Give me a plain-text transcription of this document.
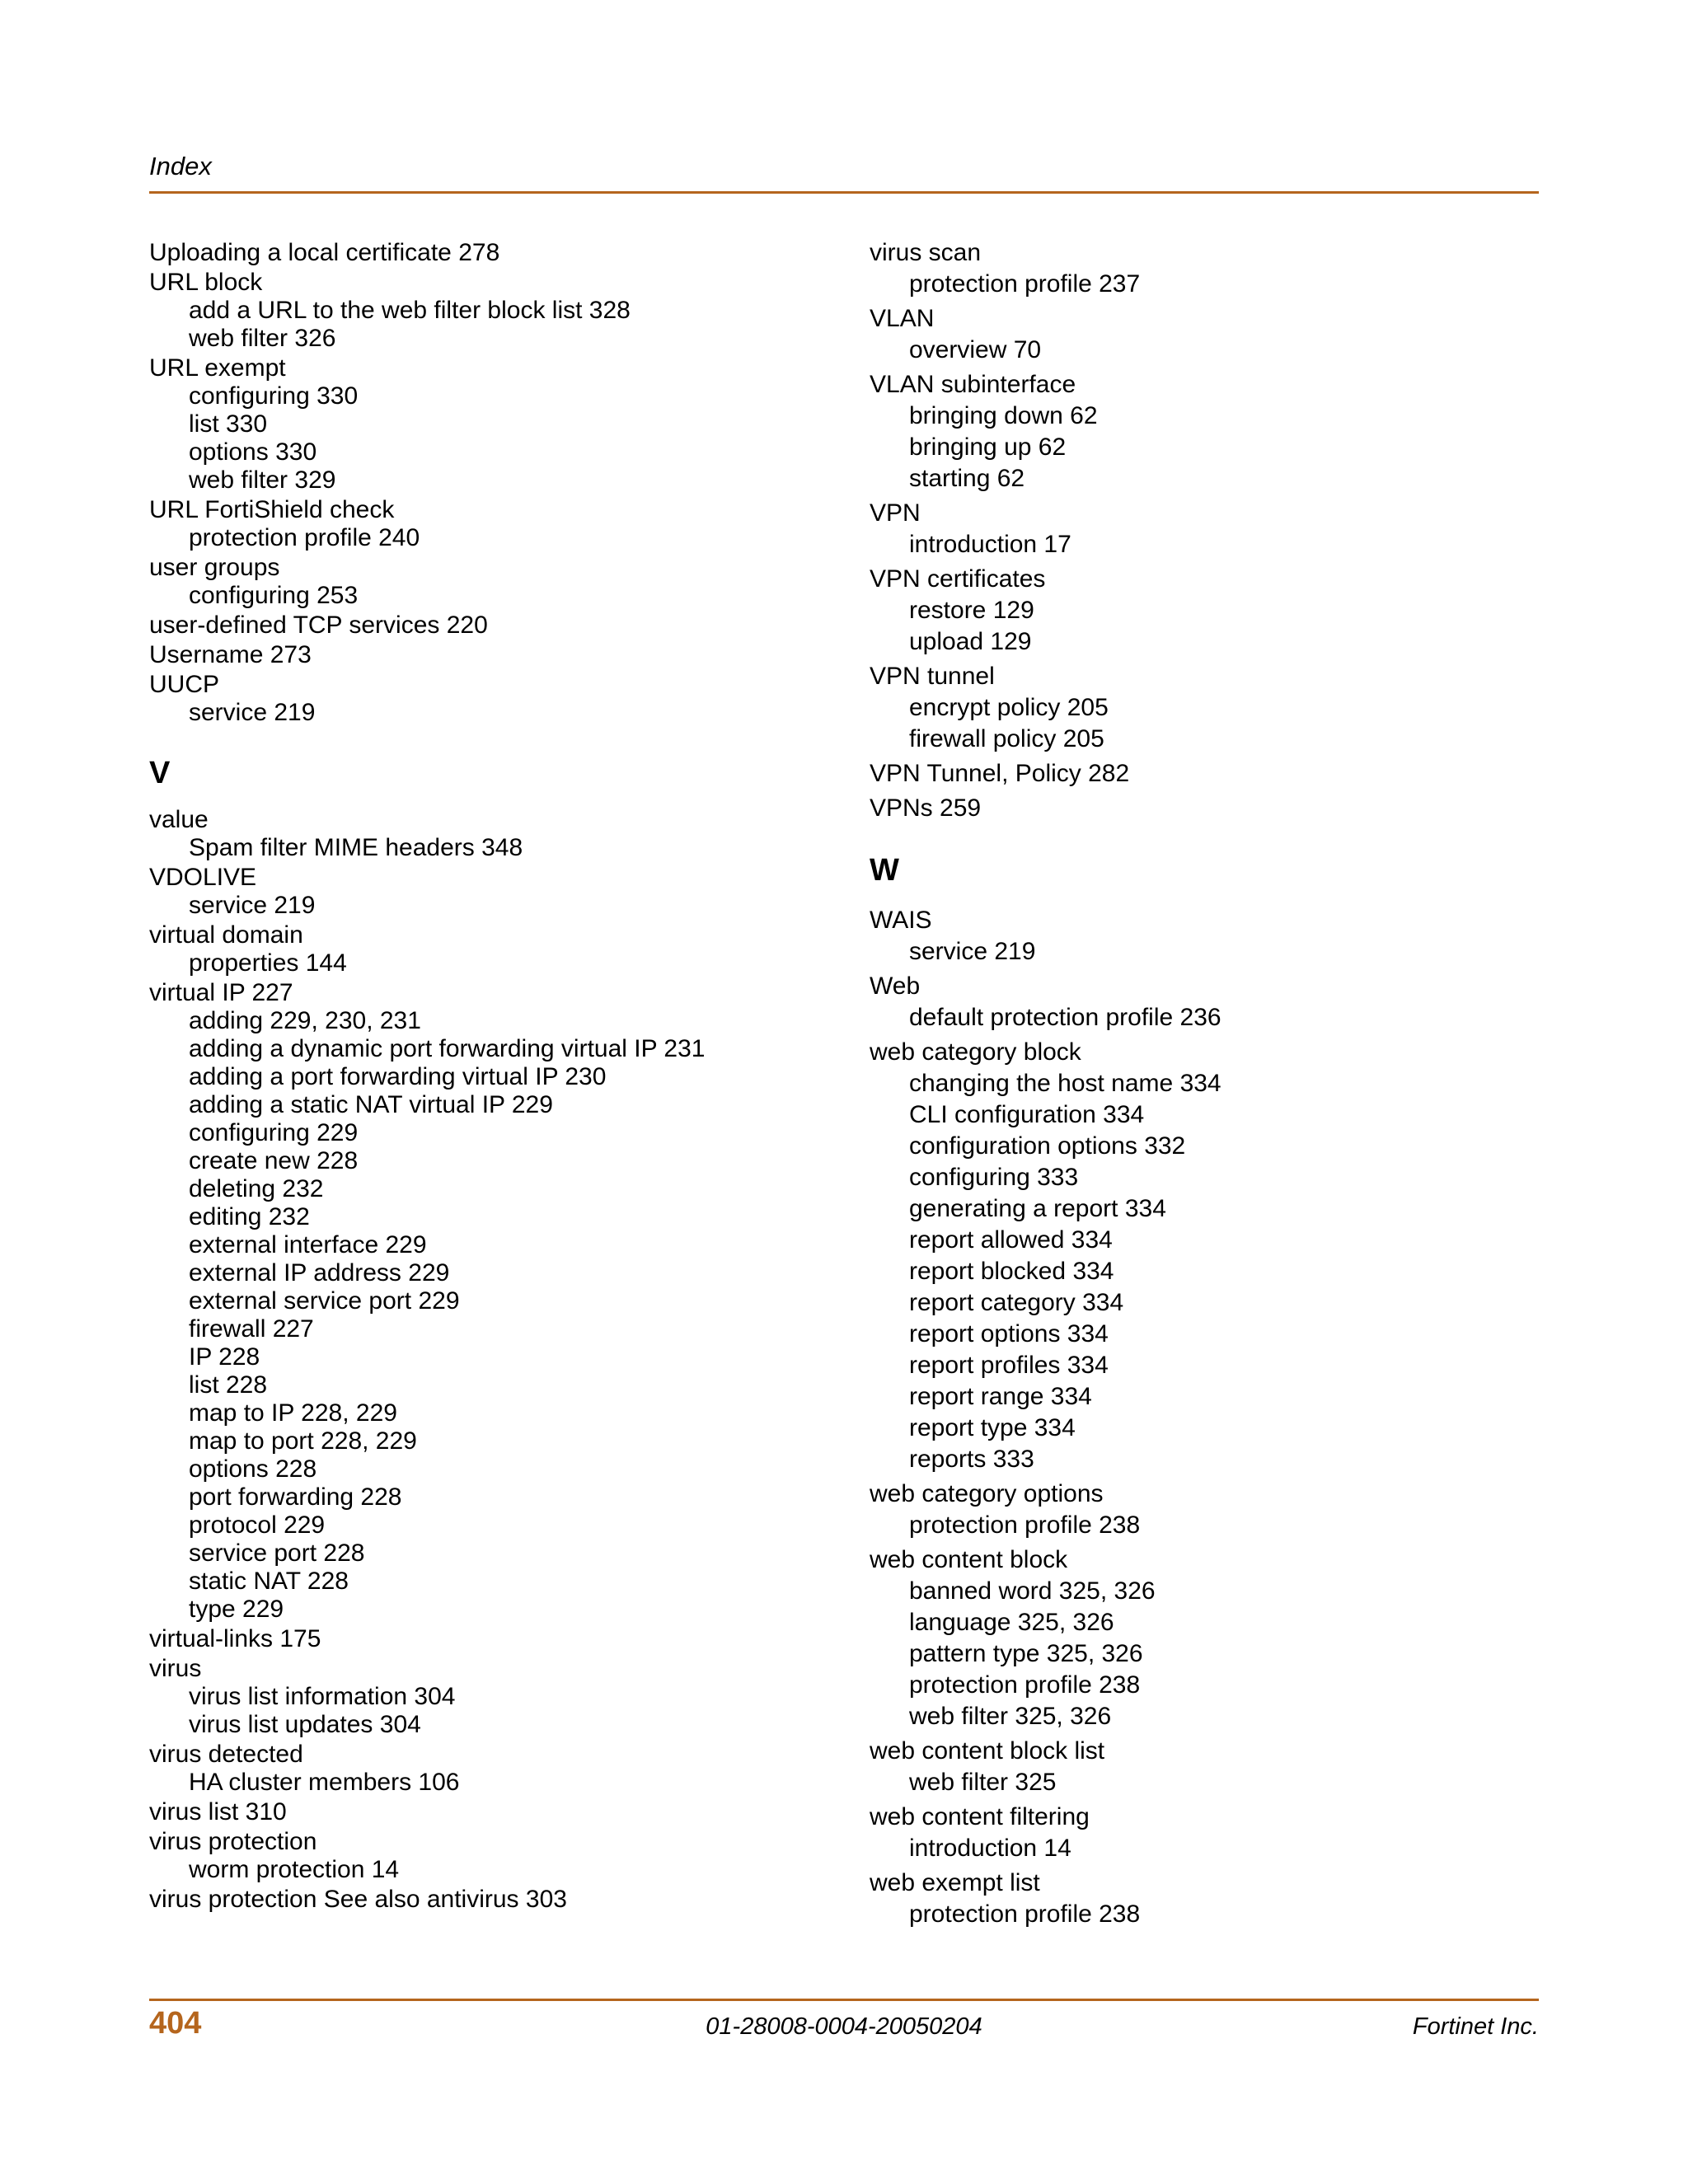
Index
Uploading a local certificate 278
URL block
add a URL to the web filter block list 328
web filter 326
URL exempt
configuring 330
list 330
options 330
web filter 329
URL FortiShield check
protection profile 240
user groups
configuring 253
user-defined TCP services 220
Username 273
UUCP
service 219
V
value
Spam filter MIME headers 348
VDOLIVE
service 219
virtual domain
properties 144
virtual IP 227
adding 229, 230, 231
adding a dynamic port forwarding virtual IP 231
adding a port forwarding virtual IP 230
adding a static NAT virtual IP 229
configuring 229
create new 228
deleting 232
editing 232
external interface 229
external IP address 229
external service port 229
firewall 227
IP 228
list 228
map to IP 228, 229
map to port 228, 229
options 228
port forwarding 228
protocol 229
service port 228
static NAT 228
type 229
virtual-links 175
virus
virus list information 304
virus list updates 304
virus detected
HA cluster members 106
virus list 310
virus protection
worm protection 14
virus protection See also antivirus 303
virus scan
protection profile 237
VLAN
overview 70
VLAN subinterface
bringing down 62
bringing up 62
starting 62
VPN
introduction 17
VPN certificates
restore 129
upload 129
VPN tunnel
encrypt policy 205
firewall policy 205
VPN Tunnel, Policy 282
VPNs 259
W
WAIS
service 219
Web
default protection profile 236
web category block
changing the host name 334
CLI configuration 334
configuration options 332
configuring 333
generating a report 334
report allowed 334
report blocked 334
report category 334
report options 334
report profiles 334
report range 334
report type 334
reports 333
web category options
protection profile 238
web content block
banned word 325, 326
language 325, 326
pattern type 325, 326
protection profile 238
web filter 325, 326
web content block list
web filter 325
web content filtering
introduction 14
web exempt list
protection profile 238
404	01-28008-0004-20050204	Fortinet Inc.
